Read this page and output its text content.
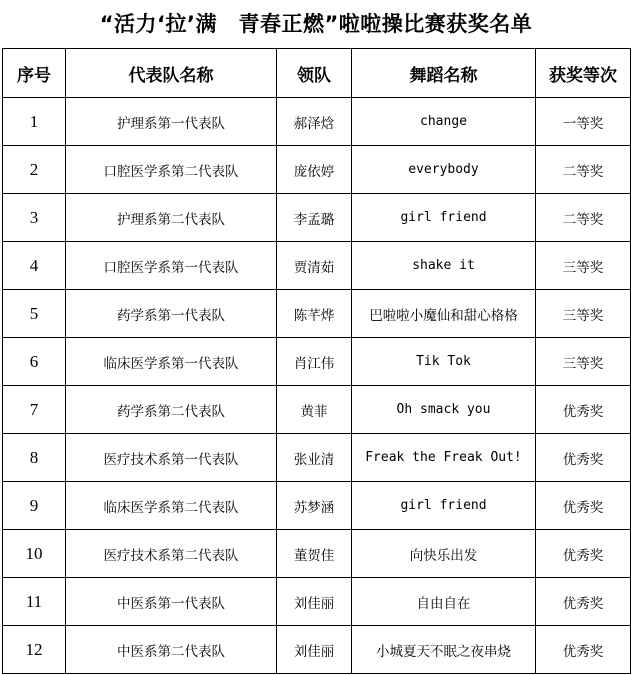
“活力‘拉’满　青春正燃”啦啦操比赛获奖名单
序号	代表队名称	领队	舞蹈名称	获奖等次
1	护理系第一代表队	郝泽焓	change	一等奖
2	口腔医学系第二代表队	庞依婷	everybody	二等奖
3	护理系第二代表队	李孟璐	girl friend	二等奖
4	口腔医学系第一代表队	贾清茹	shake it	三等奖
5	药学系第一代表队	陈芊烨	巴啦啦小魔仙和甜心格格	三等奖
6	临床医学系第一代表队	肖江伟	Tik Tok	三等奖
7	药学系第二代表队	黄菲	Oh smack you	优秀奖
8	医疗技术系第一代表队	张业清	Freak the Freak Out!	优秀奖
9	临床医学系第二代表队	苏梦涵	girl friend	优秀奖
10	医疗技术系第二代表队	董贺佳	向快乐出发	优秀奖
11	中医系第一代表队	刘佳丽	自由自在	优秀奖
12	中医系第二代表队	刘佳丽	小城夏天不眠之夜串烧	优秀奖
